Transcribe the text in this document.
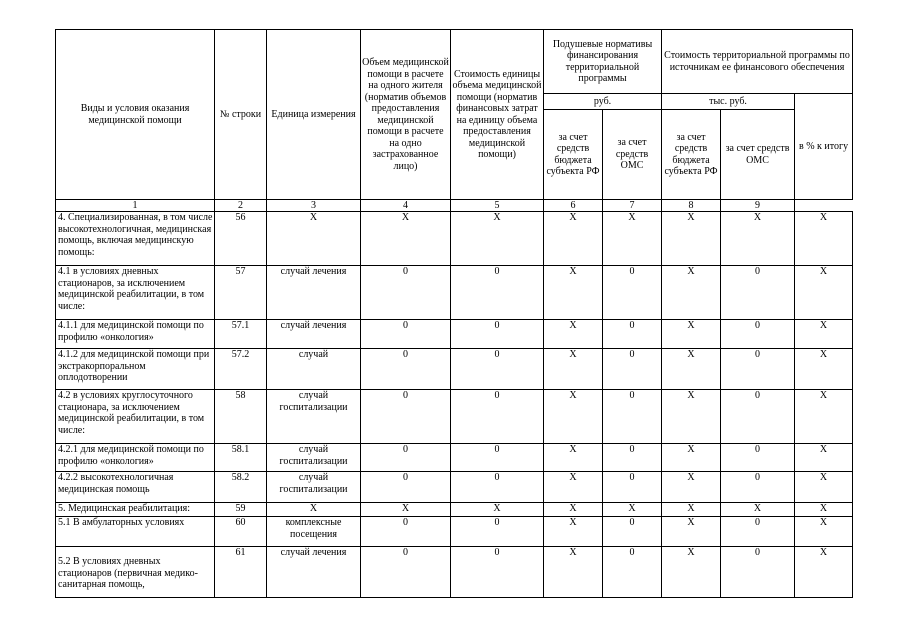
Виды и условия оказания медицинской помощи	№ строки	Единица измерения	Объем медицинской помощи в расчете на одного жителя (норматив объемов предоставления медицинской помощи в расчете на одно застрахованное лицо)	Стоимость единицы объема медицинской помощи (норматив финансовых затрат на единицу объема предоставления медицинской помощи)	Подушевые нормативы финансирования территориальной программы		Стоимость территориальной программы по источникам ее финансового обеспечения		
					руб.		тыс. руб.		в % к итогу
					за счет средств бюджета субъекта РФ	за счет средств ОМС	за счет средств бюджета субъекта РФ	за счет средств ОМС	
1	2	3	4	5	6	7	8	9
4. Специализированная, в том числе высокотехнологичная, медицинская помощь, включая медицинскую помощь:	56	X	X	X	X	X	X	X	X
4.1 в условиях дневных стационаров, за исключением медицинской реабилитации, в том числе:	57	случай лечения	0	0	X	0	X	0	X
4.1.1 для медицинской помощи по профилю «онкология»	57.1	случай лечения	0	0	X	0	X	0	X
4.1.2 для медицинской помощи при экстракорпоральном оплодотворении	57.2	случай	0	0	X	0	X	0	X
4.2 в условиях круглосуточного стационара, за исключением медицинской реабилитации, в том числе:	58	случай госпитализации	0	0	X	0	X	0	X
4.2.1 для медицинской помощи по профилю «онкология»	58.1	случай госпитализации	0	0	X	0	X	0	X
4.2.2 высокотехнологичная медицинская помощь	58.2	случай госпитализации	0	0	X	0	X	0	X
5. Медицинская реабилитация:	59	X	X	X	X	X	X	X	X
5.1 В амбулаторных условиях	60	комплексные посещения	0	0	X	0	X	0	X
5.2 В условиях дневных стационаров (первичная медико-санитарная помощь,	61	случай лечения	0	0	X	0	X	0	X
